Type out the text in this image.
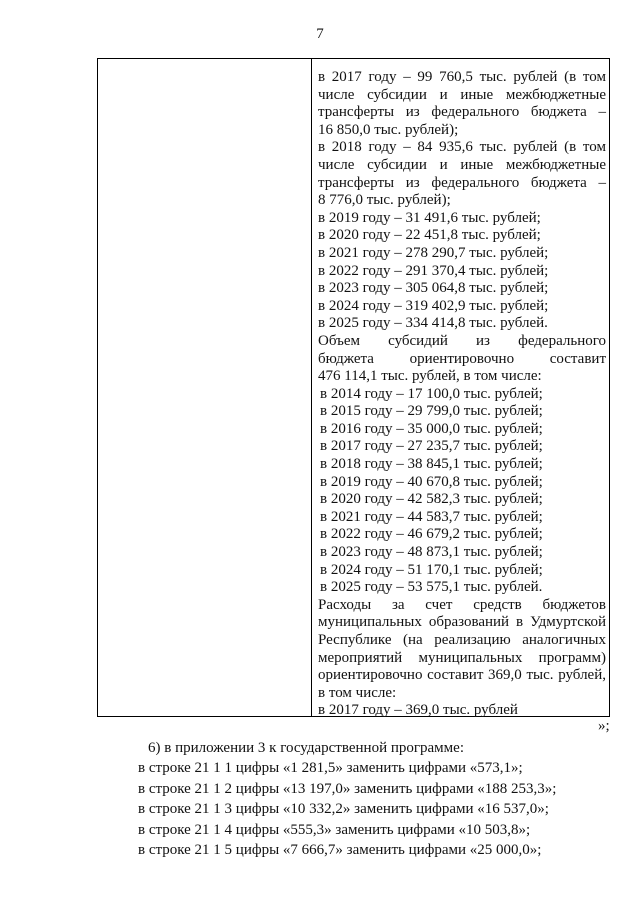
7
в 2017 году – 99 760,5 тыс. рублей (в том
числе субсидии и иные межбюджетные
трансферты из федерального бюджета –
16 850,0 тыс. рублей);
в 2018 году – 84 935,6 тыс. рублей (в том
числе субсидии и иные межбюджетные
трансферты из федерального бюджета –
8 776,0 тыс. рублей);
в 2019 году – 31 491,6 тыс. рублей;
в 2020 году – 22 451,8 тыс. рублей;
в 2021 году – 278 290,7 тыс. рублей;
в 2022 году – 291 370,4 тыс. рублей;
в 2023 году – 305 064,8 тыс. рублей;
в 2024 году – 319 402,9 тыс. рублей;
в 2025 году – 334 414,8 тыс. рублей.
Объем субсидий из федерального
бюджета ориентировочно составит
476 114,1 тыс. рублей, в том числе:
в 2014 году – 17 100,0 тыс. рублей;
в 2015 году – 29 799,0 тыс. рублей;
в 2016 году – 35 000,0 тыс. рублей;
в 2017 году – 27 235,7 тыс. рублей;
в 2018 году – 38 845,1 тыс. рублей;
в 2019 году – 40 670,8 тыс. рублей;
в 2020 году – 42 582,3 тыс. рублей;
в 2021 году – 44 583,7 тыс. рублей;
в 2022 году – 46 679,2 тыс. рублей;
в 2023 году – 48 873,1 тыс. рублей;
в 2024 году – 51 170,1 тыс. рублей;
в 2025 году – 53 575,1 тыс. рублей.
Расходы за счет средств бюджетов
муниципальных образований в Удмуртской
Республике (на реализацию аналогичных
мероприятий муниципальных программ)
ориентировочно составит 369,0 тыс. рублей,
в том числе:
в 2017 году – 369,0 тыс. рублей
»;
6) в приложении 3 к государственной программе:
в строке 21 1 1 цифры «1 281,5» заменить цифрами «573,1»;
в строке 21 1 2 цифры «13 197,0» заменить цифрами «188 253,3»;
в строке 21 1 3 цифры «10 332,2» заменить цифрами «16 537,0»;
в строке 21 1 4 цифры «555,3» заменить цифрами «10 503,8»;
в строке 21 1 5 цифры «7 666,7» заменить цифрами «25 000,0»;
